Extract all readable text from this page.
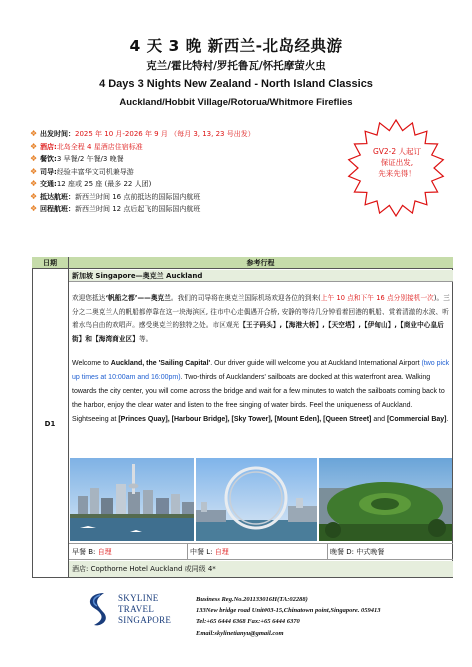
4 天 3 晚 新西兰-北岛经典游
克兰/霍比特村/罗托鲁瓦/怀托摩萤火虫
4 Days 3 Nights New Zealand - North Island Classics
Auckland/Hobbit Village/Rotorua/Whitmore Fireflies
❖ 出发时间： 2025 年 10 月-2026 年 9 月 （每月 3, 13, 23 号出发）
❖ 酒店: 北岛全程 4 星酒店住宿标准
❖ 餐饮: 3 早餐/2 午餐/3 晚餐
❖ 司导: 经验丰富华文司机兼导游
❖ 交通: 12 座或 25 座 (最多 22 人团)
❖ 抵达航班： 新西兰时间 16 点前抵达的国际国内航班
❖ 回程航班： 新西兰时间 12 点后起飞的国际国内航班
GV2-2 人起订
保证出发,
先来先得！
日期	参考行程
D1
新加坡 Singapore—奥克兰 Auckland
欢迎您抵达‘帆船之都’——奥克兰。我们的司导将在奥克兰国际机场欢迎各位的到来(上午 10 点和下午 16 点分别接机一次)。三分之二奥克兰人的帆船都停靠在这一块海滨区, 往市中心走偶遇开合桥, 安静的等待几分钟看着回港的帆船、赏着清澈的水波、听着水鸟自由的欢唱声。感受奥克兰的独特之处。市区观光【王子码头】,【海港大桥】,【天空塔】,【伊甸山】,【商业中心皇后街】和【海湾商业区】等。
Welcome to Auckland, the 'Sailing Capital'. Our driver guide will welcome you at Auckland International Airport (two pick up times at 10:00am and 16:00pm). Two-thirds of Aucklanders' sailboats are docked at this waterfront area. Walking towards the city center, you will come across the bridge and wait for a few minutes to watch the sailboats coming back to the harbor, enjoy the clear water and listen to the free singing of water birds. Feel the uniqueness of Auckland. Sightseeing at [Princes Quay], [Harbour Bridge], [Sky Tower], [Mount Eden], [Queen Street] and [Commercial Bay].
早餐 B: 自理	中餐 L: 自理	晚餐 D: 中式晚餐
酒店: Copthorne Hotel Auckland 或同级 4*
SKYLINE
TRAVEL
SINGAPORE
Business Reg.No.201133016H(TA:02288)
133New bridge road Unit#03-15,Chinatown point,Singapore. 059413
Tel:+65 6444 6368 Fax:+65 6444 6370
Email:skylinetianyu@gmail.com
